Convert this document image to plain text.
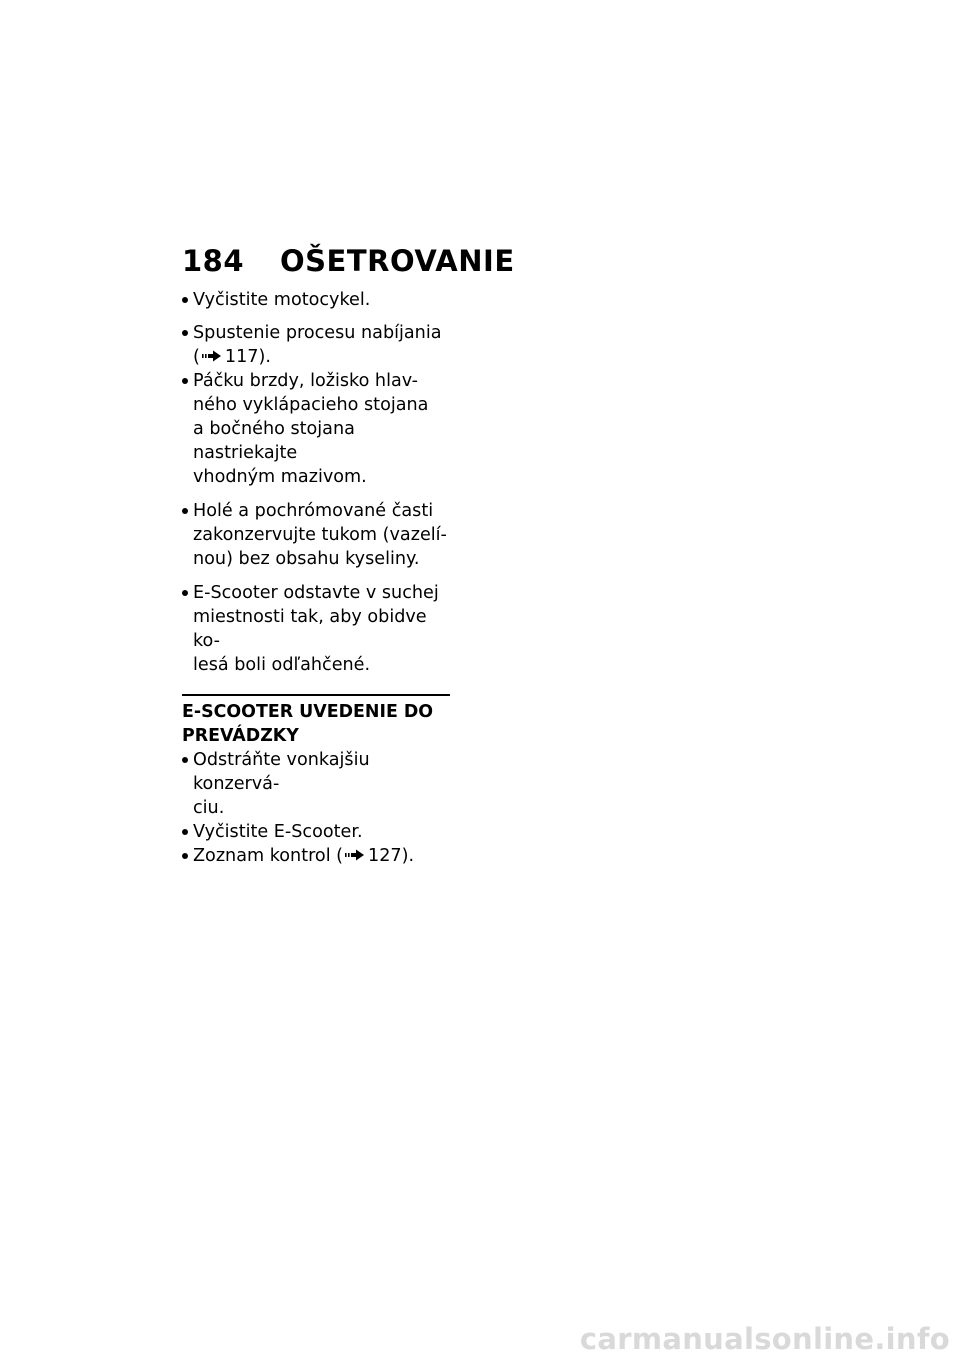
184 OŠETROVANIE
Vyčistite motocykel.
Spustenie procesu nabíjania
( 117).
Páčku brzdy, ložisko hlav-
ného vyklápacieho stojana
a bočného stojana nastriekajte
vhodným mazivom.
Holé a pochrómované časti
zakonzervujte tukom (vazelí-
nou) bez obsahu kyseliny.
E-Scooter odstavte v suchej
miestnosti tak, aby obidve ko-
lesá boli odľahčené.
E-SCOOTER UVEDENIE DO
PREVÁDZKY
Odstráňte vonkajšiu konzervá-
ciu.
Vyčistite E-Scooter.
Zoznam kontrol ( 127).
carmanualsonline.info
